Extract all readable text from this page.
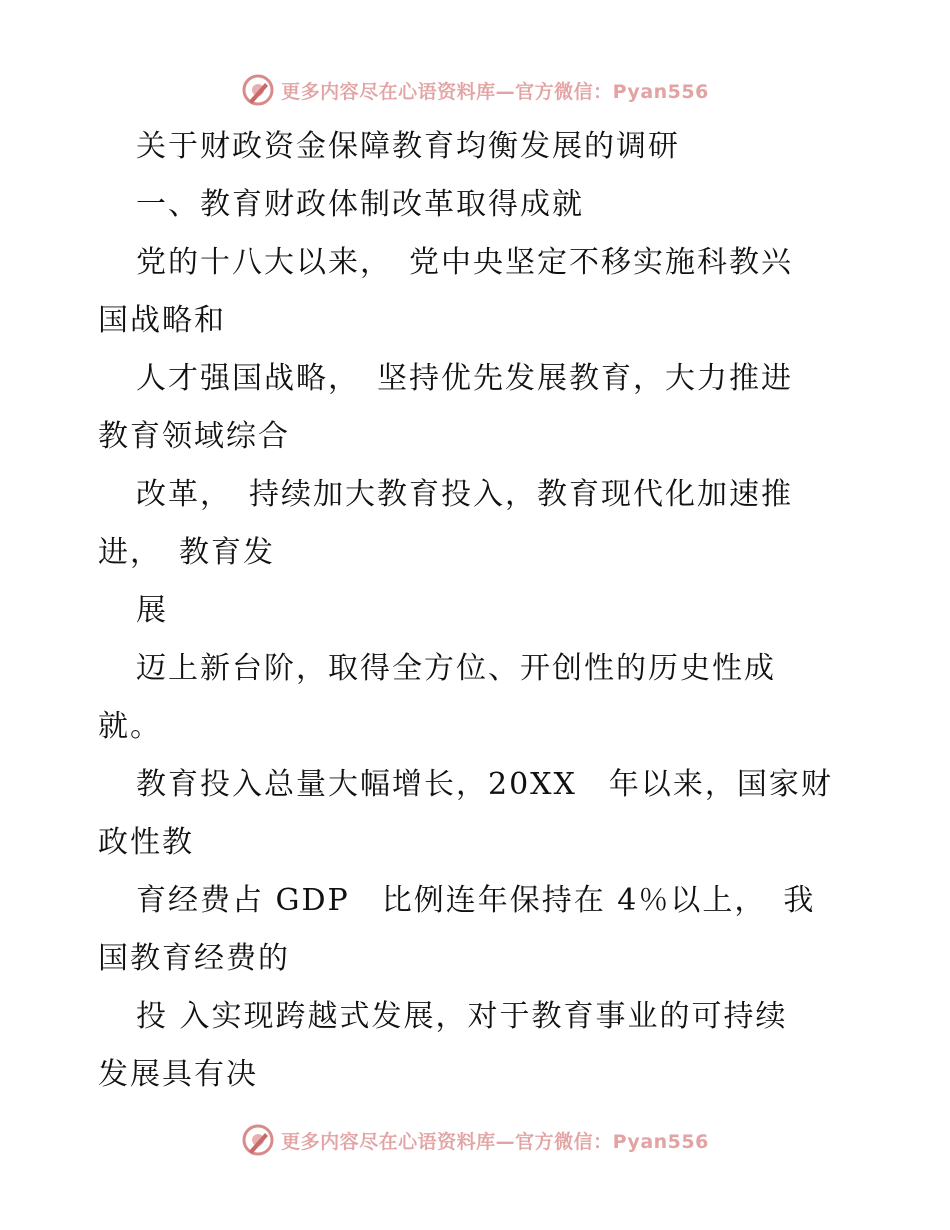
更多内容尽在心语资料库—官方微信：Pyan556
关于财政资金保障教育均衡发展的调研
一、教育财政体制改革取得成就
党的十八大以来，　党中央坚定不移实施科教兴
国战略和
人才强国战略，　坚持优先发展教育，大力推进
教育领域综合
改革，　持续加大教育投入，教育现代化加速推
进，　教育发
展
迈上新台阶，取得全方位、开创性的历史性成
就。
教育投入总量大幅增长，20XX　年以来，国家财
政性教
育经费占 GDP　比例连年保持在 4％以上，　我
国教育经费的
投 入实现跨越式发展，对于教育事业的可持续
发展具有决
更多内容尽在心语资料库—官方微信：Pyan556
